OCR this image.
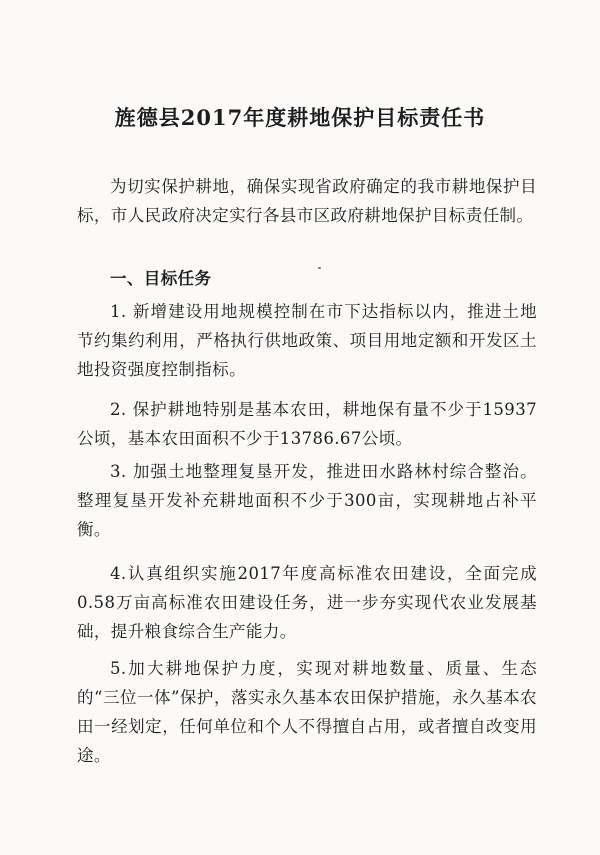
旌德县2017年度耕地保护目标责任书

为切实保护耕地，确保实现省政府确定的我市耕地保护目标，市人民政府决定实行各县市区政府耕地保护目标责任制。

一、目标任务

1. 新增建设用地规模控制在市下达指标以内，推进土地节约集约利用，严格执行供地政策、项目用地定额和开发区土地投资强度控制指标。

2. 保护耕地特别是基本农田，耕地保有量不少于15937公顷，基本农田面积不少于13786.67公顷。

3. 加强土地整理复垦开发，推进田水路林村综合整治。整理复垦开发补充耕地面积不少于300亩，实现耕地占补平衡。

4.认真组织实施2017年度高标准农田建设，全面完成0.58万亩高标准农田建设任务，进一步夯实现代农业发展基础，提升粮食综合生产能力。

5.加大耕地保护力度，实现对耕地数量、质量、生态的“三位一体”保护，落实永久基本农田保护措施，永久基本农田一经划定，任何单位和个人不得擅自占用，或者擅自改变用途。
